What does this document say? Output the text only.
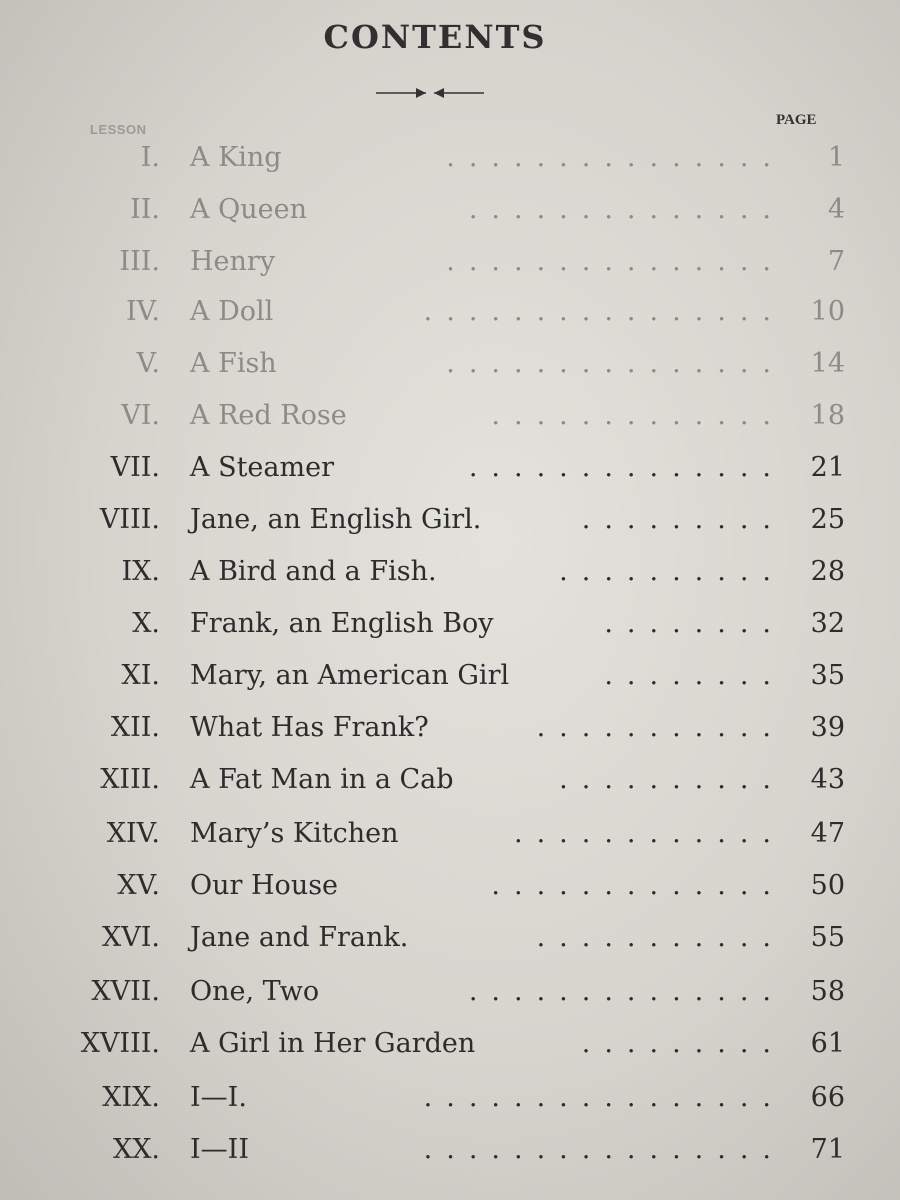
CONTENTS
LESSON
PAGE
I. A King	............... 1
II. A Queen	.............. 4
III. Henry	............... 7
IV. A Doll	................ 10
V. A Fish	............... 14
VI. A Red Rose	............. 18
VII. A Steamer	.............. 21
VIII. Jane, an English Girl.	......... 25
IX. A Bird and a Fish.	.......... 28
X. Frank, an English Boy	........ 32
XI. Mary, an American Girl	........ 35
XII. What Has Frank?	........... 39
XIII. A Fat Man in a Cab	.......... 43
XIV. Mary’s Kitchen	............ 47
XV. Our House	............. 50
XVI. Jane and Frank.	........... 55
XVII. One, Two	.............. 58
XVIII. A Girl in Her Garden	......... 61
XIX. I—I.	................ 66
XX. I—II	................ 71
